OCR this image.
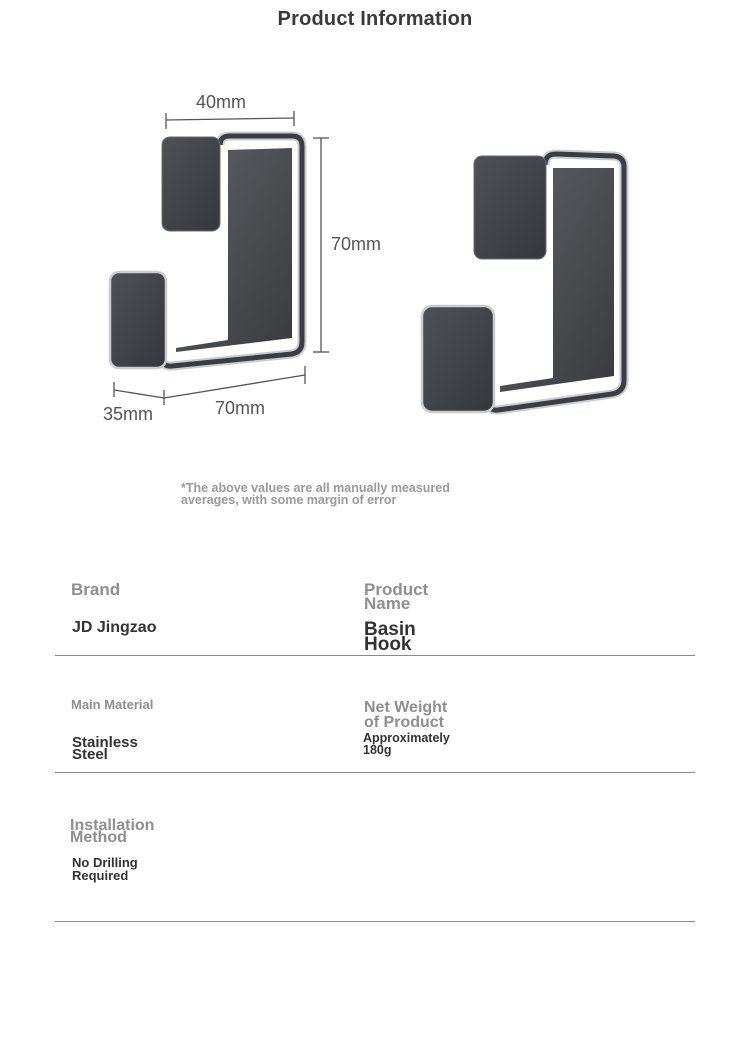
Product Information
40mm
70mm
35mm	70mm
*The above values are all manually measured
averages, with some margin of error
Brand
JD Jingzao
Product
Name
Basin
Hook
Main Material
Stainless
Steel
Net Weight
of Product
Approximately
180g
Installation
Method
No Drilling
Required
